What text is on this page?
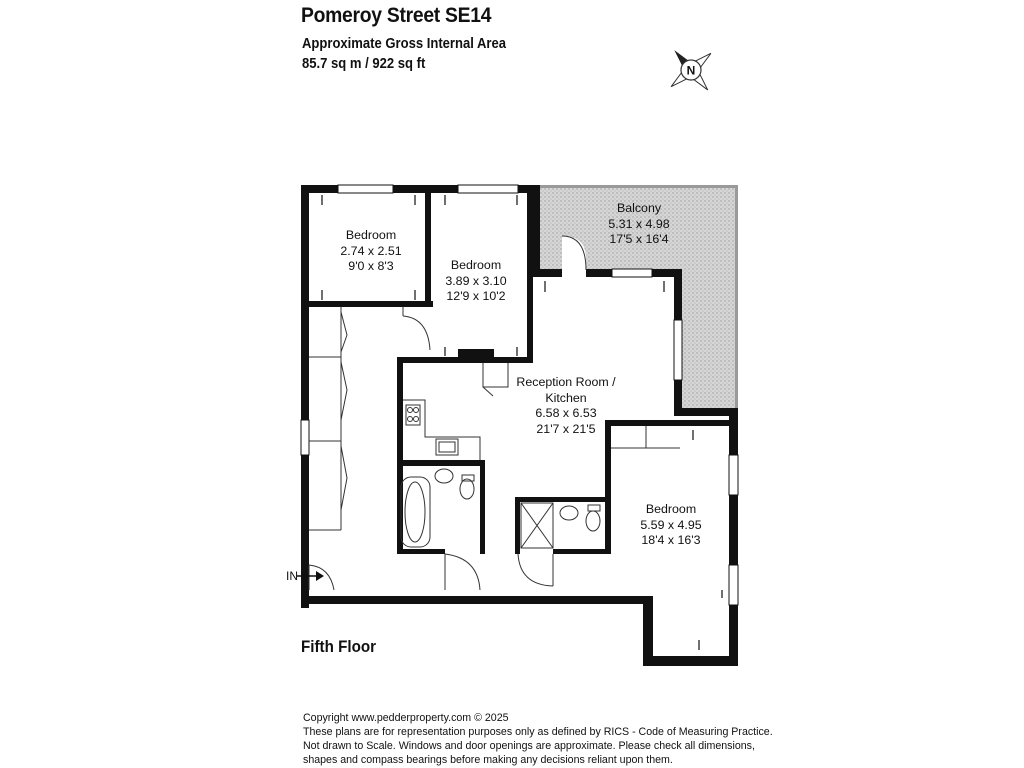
Pomeroy Street SE14
Approximate Gross Internal Area
85.7 sq m / 922 sq ft	N
Bedroom
2.74 x 2.51
9'0 x 8'3	Bedroom
3.89 x 3.10
12'9 x 10'2
Balcony
5.31 x 4.98
17'5 x 16'4
Reception Room /
Kitchen
6.58 x 6.53
21'7 x 21'5
Bedroom
5.59 x 4.95
18'4 x 16'3
IN
Fifth Floor
Copyright www.pedderproperty.com © 2025
These plans are for representation purposes only as defined by RICS - Code of Measuring Practice.
Not drawn to Scale. Windows and door openings are approximate. Please check all dimensions,
shapes and compass bearings before making any decisions reliant upon them.
